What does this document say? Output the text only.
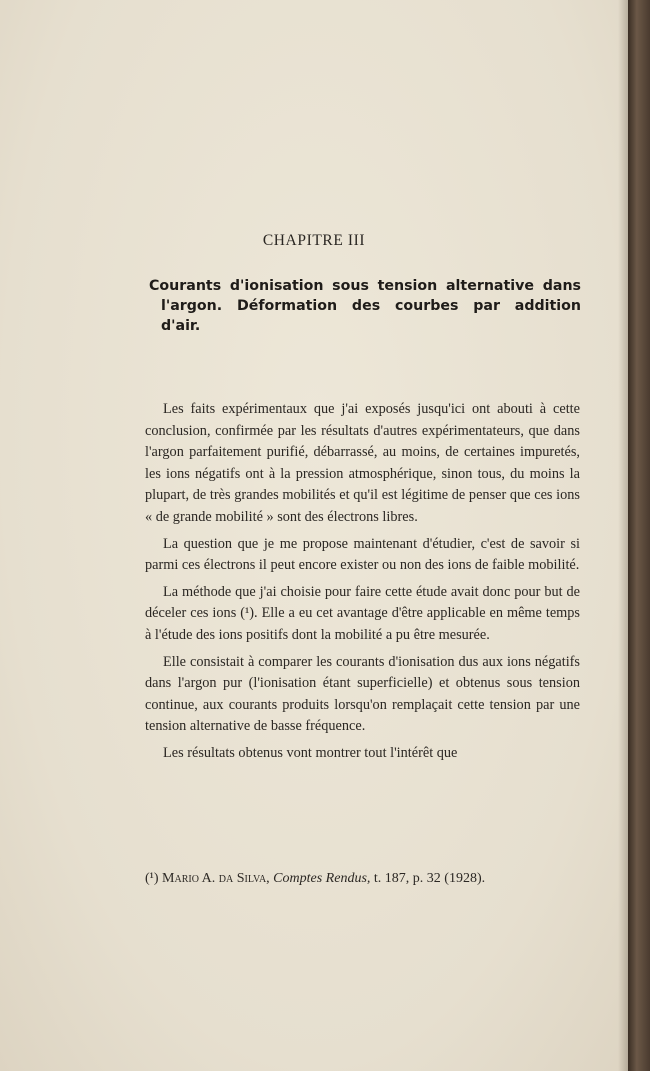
CHAPITRE III
Courants d'ionisation sous tension alternative dans
l'argon. Déformation des courbes par addition
d'air.

Les faits expérimentaux que j'ai exposés jusqu'ici ont abouti à cette conclusion, confirmée par les résultats d'autres expérimentateurs, que dans l'argon parfaitement purifié, débarrassé, au moins, de certaines impuretés, les ions négatifs ont à la pression atmosphérique, sinon tous, du moins la plupart, de très grandes mobilités et qu'il est légitime de penser que ces ions « de grande mobilité » sont des électrons libres.

La question que je me propose maintenant d'étudier, c'est de savoir si parmi ces électrons il peut encore exister ou non des ions de faible mobilité.

La méthode que j'ai choisie pour faire cette étude avait donc pour but de déceler ces ions (¹). Elle a eu cet avantage d'être applicable en même temps à l'étude des ions positifs dont la mobilité a pu être mesurée.

Elle consistait à comparer les courants d'ionisation dus aux ions négatifs dans l'argon pur (l'ionisation étant superficielle) et obtenus sous tension continue, aux courants produits lorsqu'on remplaçait cette tension par une tension alternative de basse fréquence.

Les résultats obtenus vont montrer tout l'intérêt que

(¹) Mario A. da Silva, Comptes Rendus, t. 187, p. 32 (1928).
